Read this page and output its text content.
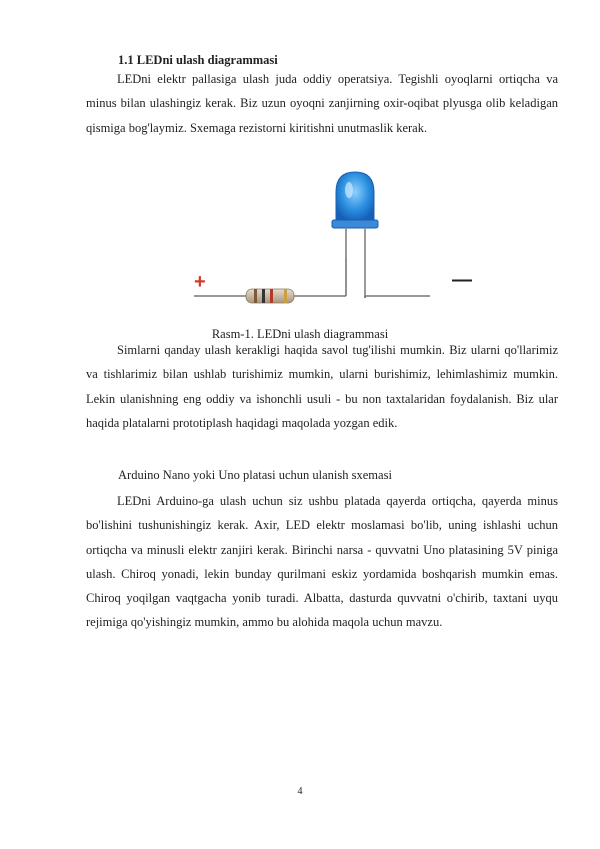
1.1 LEDni ulash diagrammasi
LEDni elektr pallasiga ulash juda oddiy operatsiya. Tegishli oyoqlarni ortiqcha va minus bilan ulashingiz kerak. Biz uzun oyoqni zanjirning oxir-oqibat plyusga olib keladigan qismiga bog'laymiz. Sxemaga rezistorni kiritishni unutmaslik kerak.
+	—
Rasm-1. LEDni ulash diagrammasi
Simlarni qanday ulash kerakligi haqida savol tug'ilishi mumkin. Biz ularni qo'llarimiz va tishlarimiz bilan ushlab turishimiz mumkin, ularni burishimiz, lehimlashimiz mumkin. Lekin ulanishning eng oddiy va ishonchli usuli - bu non taxtalaridan foydalanish. Biz ular haqida platalarni prototiplash haqidagi maqolada yozgan edik.
Arduino Nano yoki Uno platasi uchun ulanish sxemasi
LEDni Arduino-ga ulash uchun siz ushbu platada qayerda ortiqcha, qayerda minus bo'lishini tushunishingiz kerak. Axir, LED elektr moslamasi bo'lib, uning ishlashi uchun ortiqcha va minusli elektr zanjiri kerak. Birinchi narsa - quvvatni Uno platasining 5V piniga ulash. Chiroq yonadi, lekin bunday qurilmani eskiz yordamida boshqarish mumkin emas. Chiroq yoqilgan vaqtgacha yonib turadi. Albatta, dasturda quvvatni o'chirib, taxtani uyqu rejimiga qo'yishingiz mumkin, ammo bu alohida maqola uchun mavzu.
4
